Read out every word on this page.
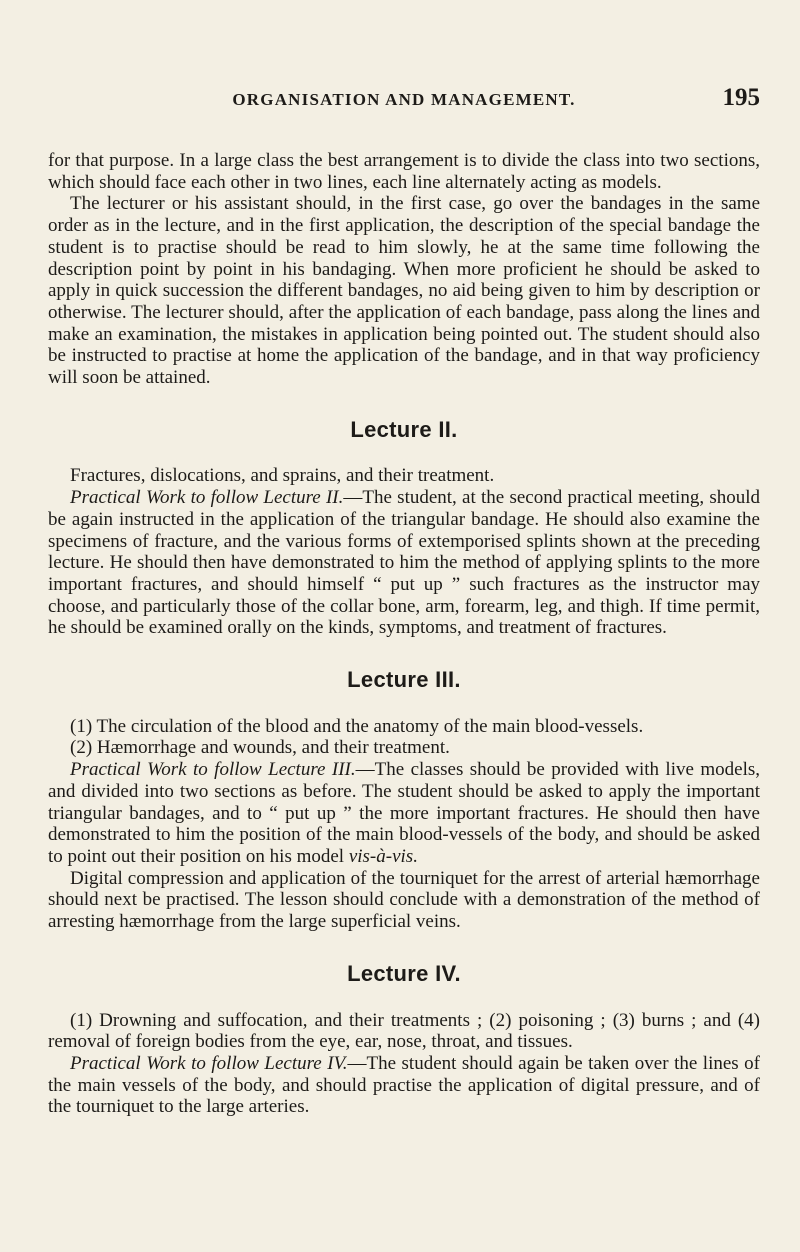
ORGANISATION AND MANAGEMENT.	195

for that purpose. In a large class the best arrangement is to divide the class into two sections, which should face each other in two lines, each line alternately acting as models.

The lecturer or his assistant should, in the first case, go over the bandages in the same order as in the lecture, and in the first application, the description of the special bandage the student is to practise should be read to him slowly, he at the same time following the description point by point in his bandaging. When more proficient he should be asked to apply in quick succession the different bandages, no aid being given to him by description or otherwise. The lecturer should, after the application of each bandage, pass along the lines and make an examination, the mistakes in application being pointed out. The student should also be instructed to practise at home the application of the bandage, and in that way proficiency will soon be attained.

Lecture II.

Fractures, dislocations, and sprains, and their treatment.

Practical Work to follow Lecture II.—The student, at the second practical meeting, should be again instructed in the application of the triangular bandage. He should also examine the specimens of fracture, and the various forms of extemporised splints shown at the preceding lecture. He should then have demonstrated to him the method of applying splints to the more important fractures, and should himself “ put up ” such fractures as the instructor may choose, and particularly those of the collar bone, arm, forearm, leg, and thigh. If time permit, he should be examined orally on the kinds, symptoms, and treatment of fractures.

Lecture III.

(1) The circulation of the blood and the anatomy of the main blood-vessels.

(2) Hæmorrhage and wounds, and their treatment.

Practical Work to follow Lecture III.—The classes should be provided with live models, and divided into two sections as before. The student should be asked to apply the important triangular bandages, and to “ put up ” the more important fractures. He should then have demonstrated to him the position of the main blood-vessels of the body, and should be asked to point out their position on his model vis-à-vis.

Digital compression and application of the tourniquet for the arrest of arterial hæmorrhage should next be practised. The lesson should conclude with a demonstration of the method of arresting hæmorrhage from the large superficial veins.

Lecture IV.

(1) Drowning and suffocation, and their treatments ; (2) poisoning ; (3) burns ; and (4) removal of foreign bodies from the eye, ear, nose, throat, and tissues.

Practical Work to follow Lecture IV.—The student should again be taken over the lines of the main vessels of the body, and should practise the application of digital pressure, and of the tourniquet to the large arteries.
